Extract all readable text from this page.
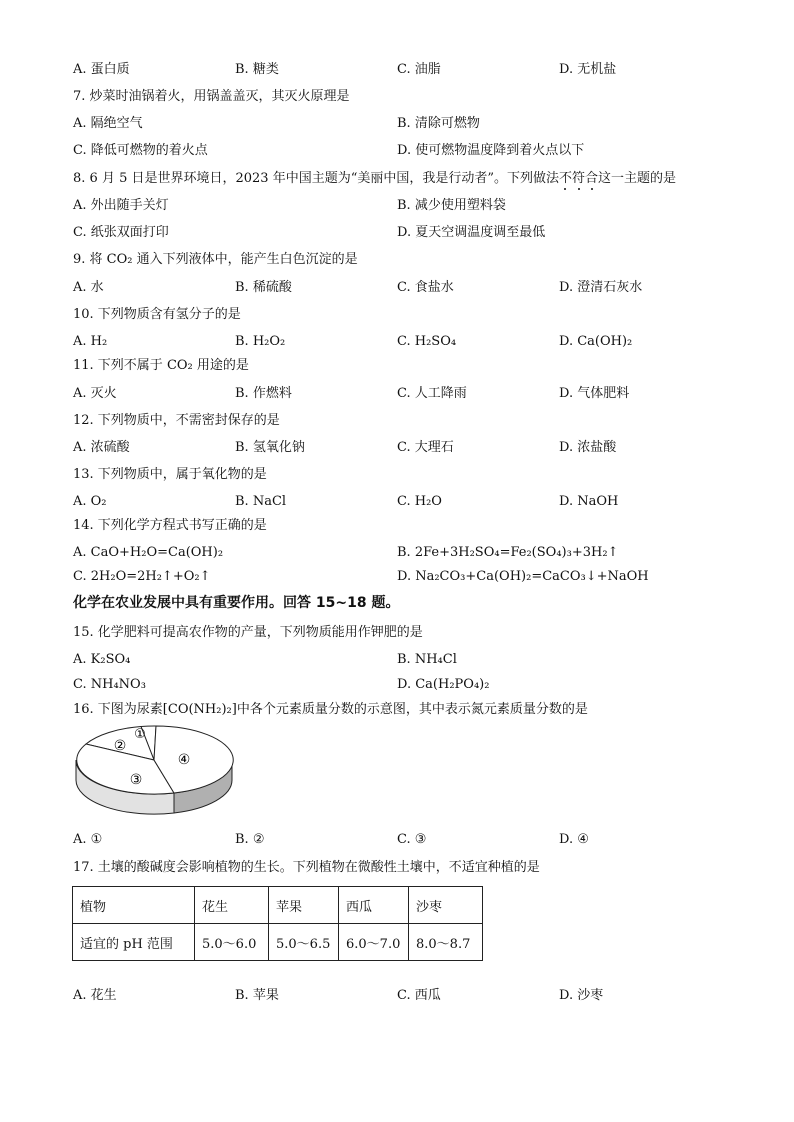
A. 蛋白质	B. 糖类	C. 油脂	D. 无机盐
7. 炒菜时油锅着火，用锅盖盖灭，其灭火原理是
A. 隔绝空气	B. 清除可燃物
C. 降低可燃物的着火点	D. 使可燃物温度降到着火点以下
8. 6 月 5 日是世界环境日，2023 年中国主题为“美丽中国，我是行动者”。下列做法不
符
合
这一主题的是
A. 外出随手关灯	B. 减少使用塑料袋
C. 纸张双面打印	D. 夏天空调温度调至最低
9. 将 CO₂ 通入下列液体中，能产生白色沉淀的是
A. 水	B. 稀硫酸	C. 食盐水	D. 澄清石灰水
10. 下列物质含有氢分子的是
A. H₂	B. H₂O₂	C. H₂SO₄	D. Ca(OH)₂
11. 下列不属于 CO₂ 用途的是
A. 灭火	B. 作燃料	C. 人工降雨	D. 气体肥料
12. 下列物质中，不需密封保存的是
A. 浓硫酸	B. 氢氧化钠	C. 大理石	D. 浓盐酸
13. 下列物质中，属于氧化物的是
A. O₂	B. NaCl	C. H₂O	D. NaOH
14. 下列化学方程式书写正确的是
A. CaO+H₂O=Ca(OH)₂	B. 2Fe+3H₂SO₄=Fe₂(SO₄)₃+3H₂↑
C. 2H₂O=2H₂↑+O₂↑	D. Na₂CO₃+Ca(OH)₂=CaCO₃↓+NaOH
化学在农业发展中具有重要作用。回答 15~18 题。
15. 化学肥料可提高农作物的产量，下列物质能用作钾肥的是
A. K₂SO₄	B. NH₄Cl
C. NH₄NO₃	D. Ca(H₂PO₄)₂
16. 下图为尿素[CO(NH₂)₂]中各个元素质量分数的示意图，其中表示氮元素质量分数的是
①
②
③
④
A. ①	B. ②	C. ③	D. ④
17. 土壤的酸碱度会影响植物的生长。下列植物在微酸性土壤中，不适宜种植的是
植物	花生	苹果	西瓜	沙枣
适宜的 pH 范围	5.0～6.0	5.0～6.5	6.0～7.0	8.0～8.7
A. 花生	B. 苹果	C. 西瓜	D. 沙枣
